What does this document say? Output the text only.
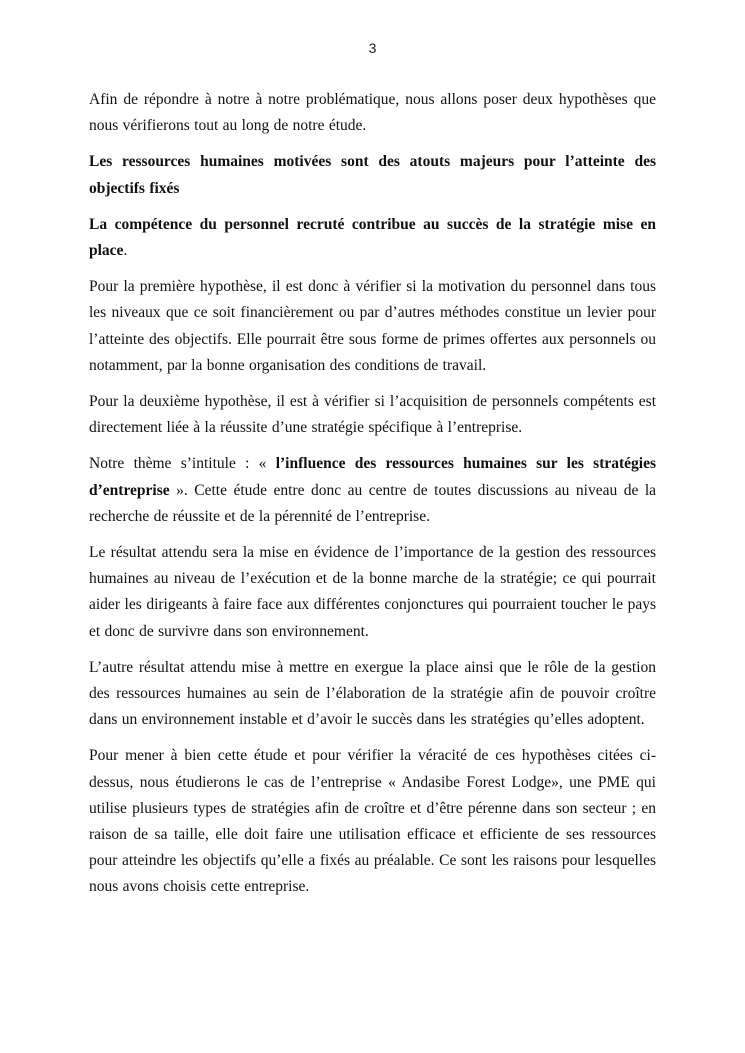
3

Afin de répondre à notre à notre problématique, nous allons poser deux hypothèses que nous vérifierons tout au long de notre étude.

Les ressources humaines motivées sont des atouts majeurs pour l’atteinte des objectifs fixés

La compétence du personnel recruté contribue au succès de la stratégie mise en place.

Pour la première hypothèse, il est donc à vérifier si la motivation du personnel dans tous les niveaux que ce soit financièrement ou par d’autres méthodes constitue un levier pour l’atteinte des objectifs. Elle pourrait être sous forme de primes offertes aux personnels ou notamment, par la bonne organisation des conditions de travail.

Pour la deuxième hypothèse, il est à vérifier si l’acquisition de personnels compétents est directement liée à la réussite d’une stratégie spécifique à l’entreprise.

Notre thème s’intitule : « l’influence des ressources humaines sur les stratégies d’entreprise ». Cette étude entre donc au centre de toutes discussions au niveau de la recherche de réussite et de la pérennité de l’entreprise.

Le résultat attendu sera la mise en évidence de l’importance de la gestion des ressources humaines au niveau de l’exécution et de la bonne marche de la stratégie; ce qui pourrait aider les dirigeants à faire face aux différentes conjonctures qui pourraient toucher le pays et donc de survivre dans son environnement.

L’autre résultat attendu mise à mettre en exergue la place ainsi que le rôle de la gestion des ressources humaines au sein de l’élaboration de la stratégie afin de pouvoir croître dans un environnement instable et d’avoir le succès dans les stratégies qu’elles adoptent.

Pour mener à bien cette étude et pour vérifier la véracité de ces hypothèses citées ci-dessus, nous étudierons le cas de l’entreprise « Andasibe Forest Lodge», une PME qui utilise plusieurs types de stratégies afin de croître et d’être pérenne dans son secteur ; en raison de sa taille, elle doit faire une utilisation efficace et efficiente de ses ressources pour atteindre les objectifs qu’elle a fixés au préalable. Ce sont les raisons pour lesquelles nous avons choisis cette entreprise.
